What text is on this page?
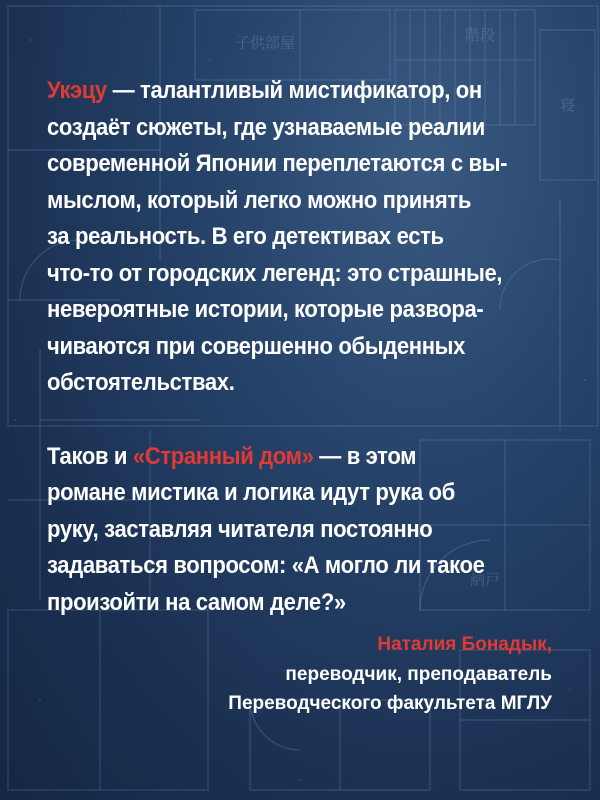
子供部屋	階段
寝
納戸

Укэцу — талантливый мистификатор, он
создаёт сюжеты, где узнаваемые реалии
современной Японии переплетаются с вы-
мыслом, который легко можно принять
за реальность. В его детективах есть
что-то от городских легенд: это страшные,
невероятные истории, которые развора-
чиваются при совершенно обыденных
обстоятельствах.

Таков и «Странный дом» — в этом
романе мистика и логика идут рука об
руку, заставляя читателя постоянно
задаваться вопросом: «А могло ли такое
произойти на самом деле?»

Наталия Бонадык,
переводчик, преподаватель
Переводческого факультета МГЛУ
